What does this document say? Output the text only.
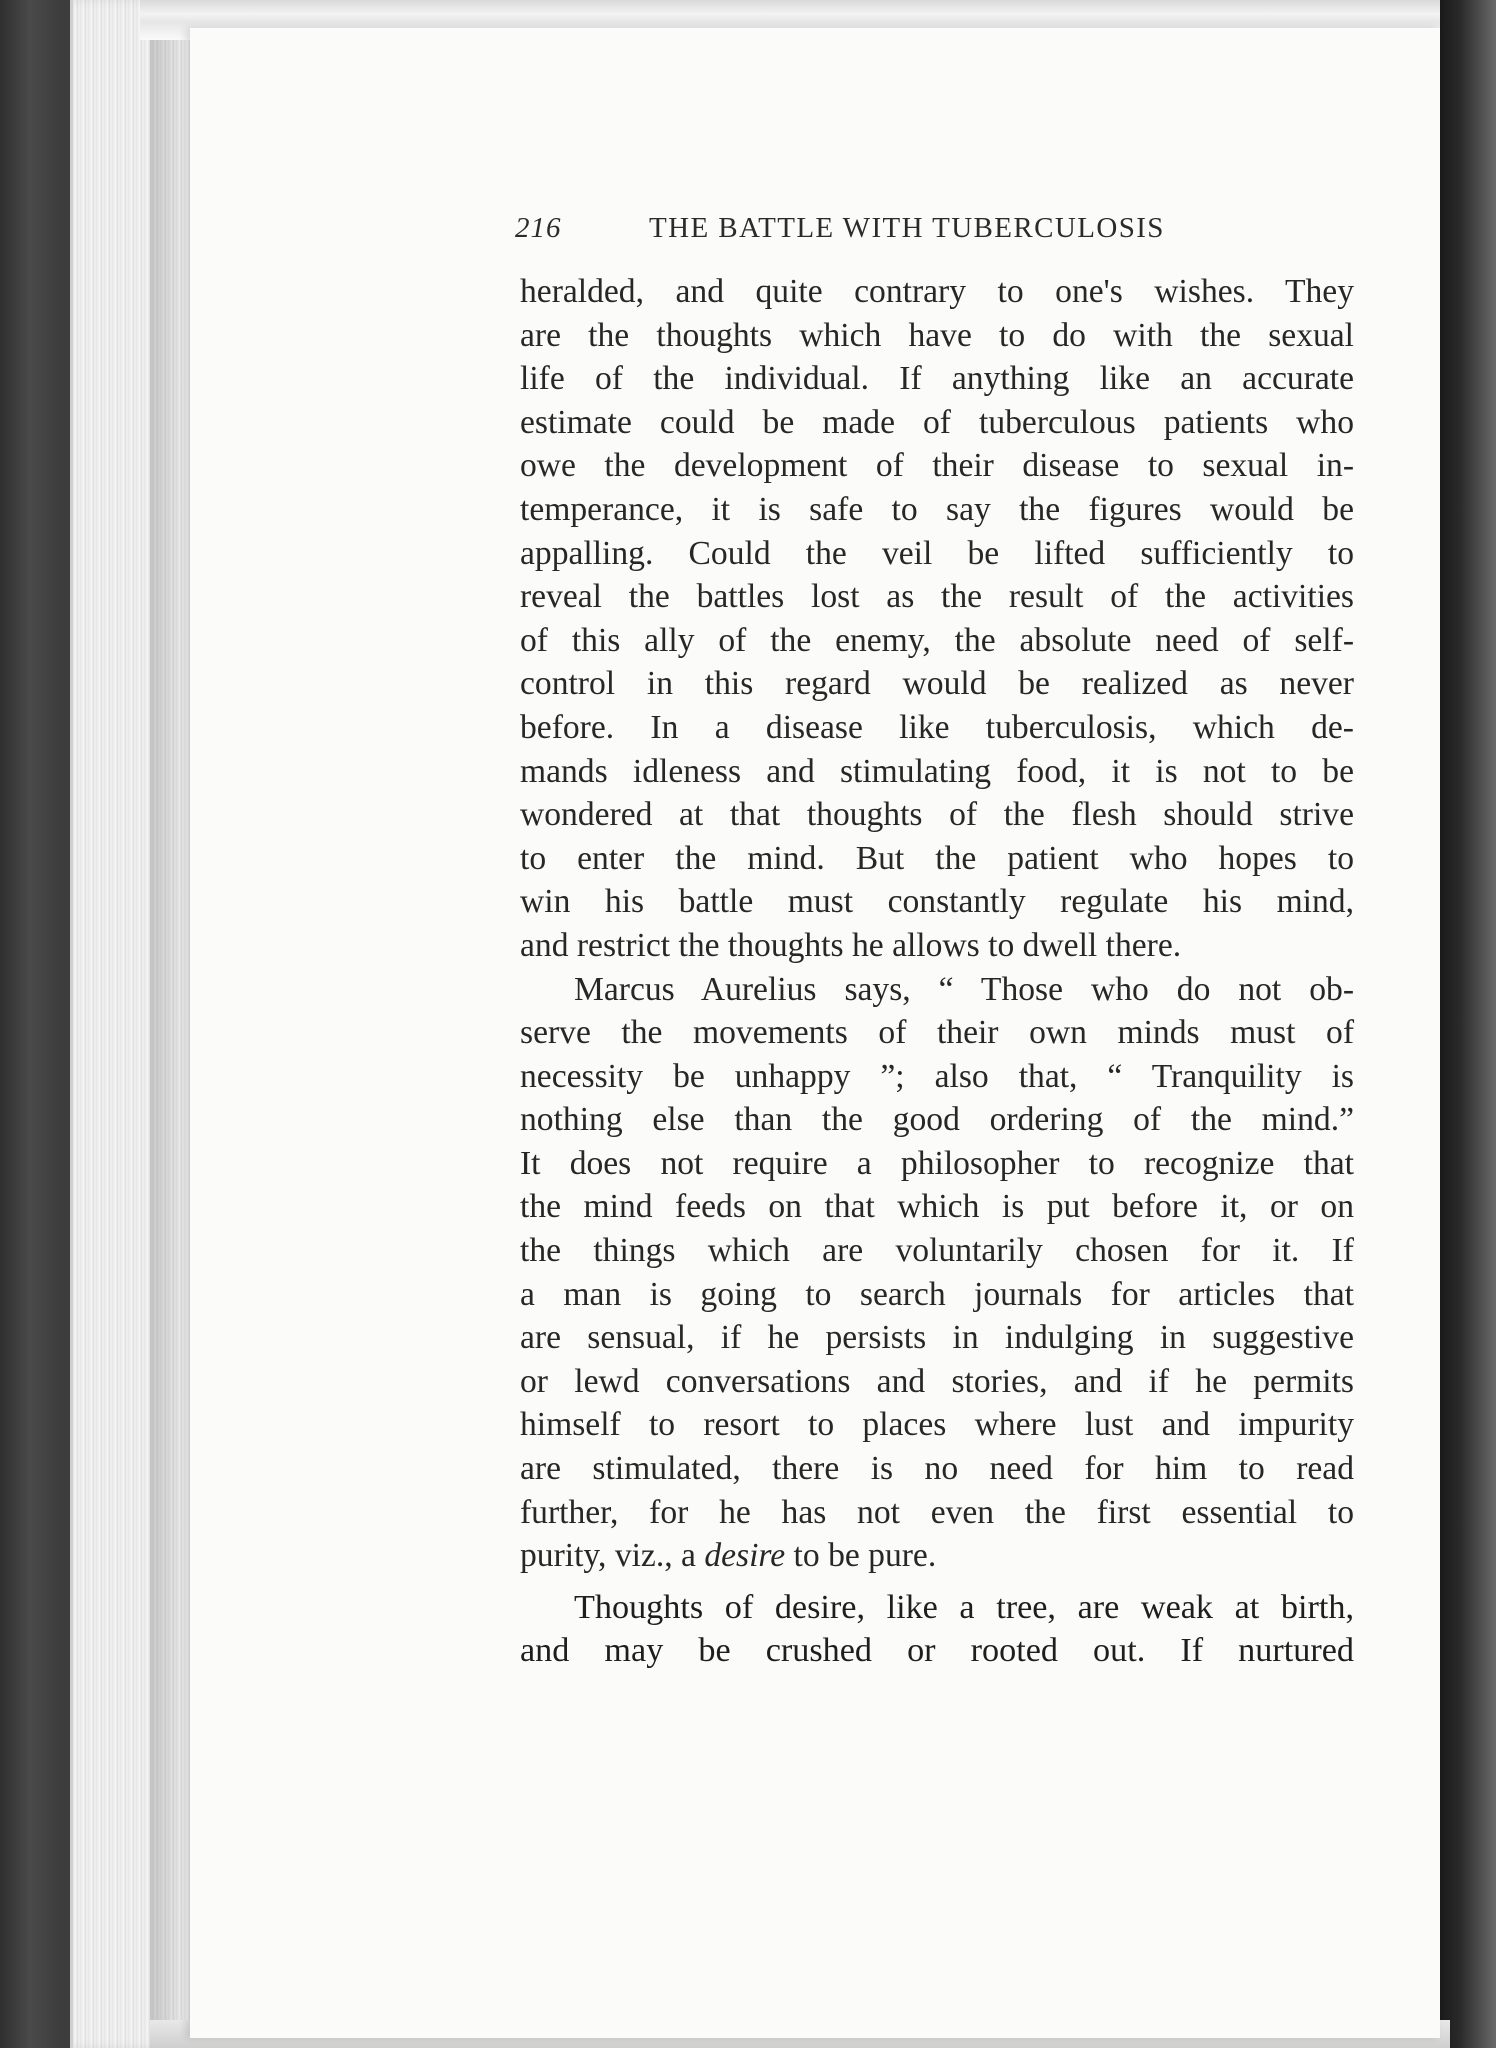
216	THE BATTLE WITH TUBERCULOSIS
heralded, and quite contrary to one's wishes. They
are the thoughts which have to do with the sexual
life of the individual. If anything like an accurate
estimate could be made of tuberculous patients who
owe the development of their disease to sexual in-
temperance, it is safe to say the figures would be
appalling. Could the veil be lifted sufficiently to
reveal the battles lost as the result of the activities
of this ally of the enemy, the absolute need of self-
control in this regard would be realized as never
before. In a disease like tuberculosis, which de-
mands idleness and stimulating food, it is not to be
wondered at that thoughts of the flesh should strive
to enter the mind. But the patient who hopes to
win his battle must constantly regulate his mind,
and restrict the thoughts he allows to dwell there.
Marcus Aurelius says, “ Those who do not ob-
serve the movements of their own minds must of
necessity be unhappy ”; also that, “ Tranquility is
nothing else than the good ordering of the mind.”
It does not require a philosopher to recognize that
the mind feeds on that which is put before it, or on
the things which are voluntarily chosen for it. If
a man is going to search journals for articles that
are sensual, if he persists in indulging in suggestive
or lewd conversations and stories, and if he permits
himself to resort to places where lust and impurity
are stimulated, there is no need for him to read
further, for he has not even the first essential to
purity, viz., a desire to be pure.
Thoughts of desire, like a tree, are weak at birth,
and may be crushed or rooted out. If nurtured
